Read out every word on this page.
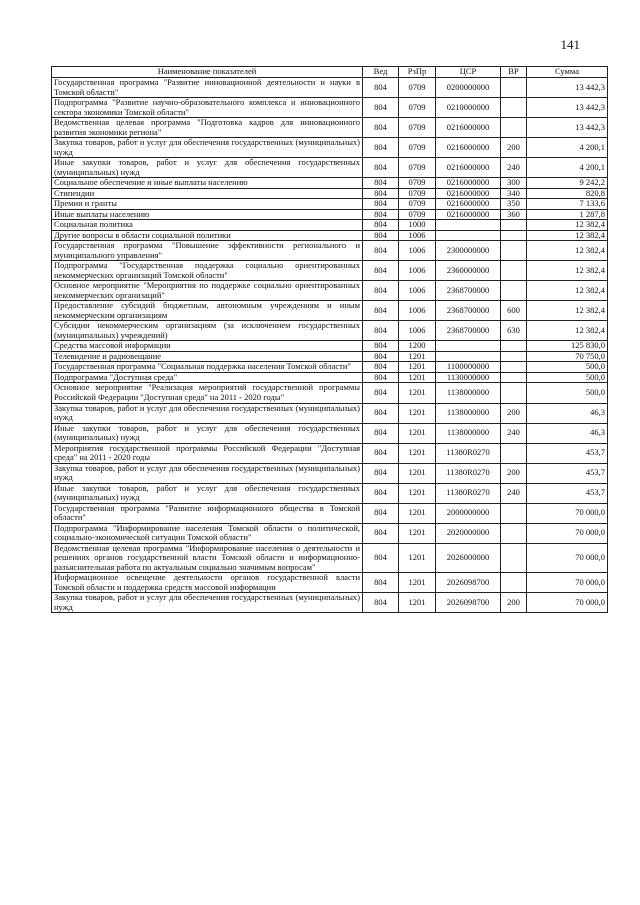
141
Наименование показателей	Вед	РзПр	ЦСР	ВР	Сумма
Государственная программа "Развитие инновационной деятельности и науки в Томской области"	804	0709	0200000000		13 442,3
Подпрограмма "Развитие научно-образовательного комплекса и инновационного сектора экономики Томской области"	804	0709	0210000000		13 442,3
Ведомственная целевая программа "Подготовка кадров для инновационного развития экономики региона"	804	0709	0216000000		13 442,3
Закупка товаров, работ и услуг для обеспечения государственных (муниципальных) нужд	804	0709	0216000000	200	4 200,1
Иные закупки товаров, работ и услуг для обеспечения государственных (муниципальных) нужд	804	0709	0216000000	240	4 200,1
Социальное обеспечение и иные выплаты населению	804	0709	0216000000	300	9 242,2
Стипендии	804	0709	0216000000	340	820,8
Премии и гранты	804	0709	0216000000	350	7 133,6
Иные выплаты населению	804	0709	0216000000	360	1 287,8
Социальная политика	804	1000			12 382,4
Другие вопросы в области социальной политики	804	1006			12 382,4
Государственная программа "Повышение эффективности регионального и муниципального управления"	804	1006	2300000000		12 382,4
Подпрограмма "Государственная поддержка социально ориентированных некоммерческих организаций Томской области"	804	1006	2360000000		12 382,4
Основное мероприятие "Мероприятия по поддержке социально ориентированных некоммерческих организаций"	804	1006	2368700000		12 382,4
Предоставление субсидий бюджетным, автономным учреждениям и иным некоммерческим организациям	804	1006	2368700000	600	12 382,4
Субсидии некоммерческим организациям (за исключением государственных (муниципальных) учреждений)	804	1006	2368700000	630	12 382,4
Средства массовой информации	804	1200			125 830,0
Телевидение и радиовещание	804	1201			70 750,0
Государственная программа "Социальная поддержка населения Томской области"	804	1201	1100000000		500,0
Подпрограмма "Доступная среда"	804	1201	1130000000		500,0
Основное мероприятие "Реализация мероприятий государственной программы Российской Федерации "Доступная среда" на 2011 - 2020 годы"	804	1201	1138000000		500,0
Закупка товаров, работ и услуг для обеспечения государственных (муниципальных) нужд	804	1201	1138000000	200	46,3
Иные закупки товаров, работ и услуг для обеспечения государственных (муниципальных) нужд	804	1201	1138000000	240	46,3
Мероприятия государственной программы Российской Федерации "Доступная среда" на 2011 - 2020 годы	804	1201	11380R0270		453,7
Закупка товаров, работ и услуг для обеспечения государственных (муниципальных) нужд	804	1201	11380R0270	200	453,7
Иные закупки товаров, работ и услуг для обеспечения государственных (муниципальных) нужд	804	1201	11380R0270	240	453,7
Государственная программа "Развитие информационного общества в Томской области"	804	1201	2000000000		70 000,0
Подпрограмма "Информирование населения Томской области о политической, социально-экономической ситуации Томской области"	804	1201	2020000000		70 000,0
Ведомственная целевая программа "Информирование населения о деятельности и решениях органов государственной власти Томской области и информационно-разъяснительная работа по актуальным социально значимым вопросам"	804	1201	2026000000		70 000,0
Информационное освещение деятельности органов государственной власти Томской области и поддержка средств массовой информации	804	1201	2026098700		70 000,0
Закупка товаров, работ и услуг для обеспечения государственных (муниципальных) нужд	804	1201	2026098700	200	70 000,0
